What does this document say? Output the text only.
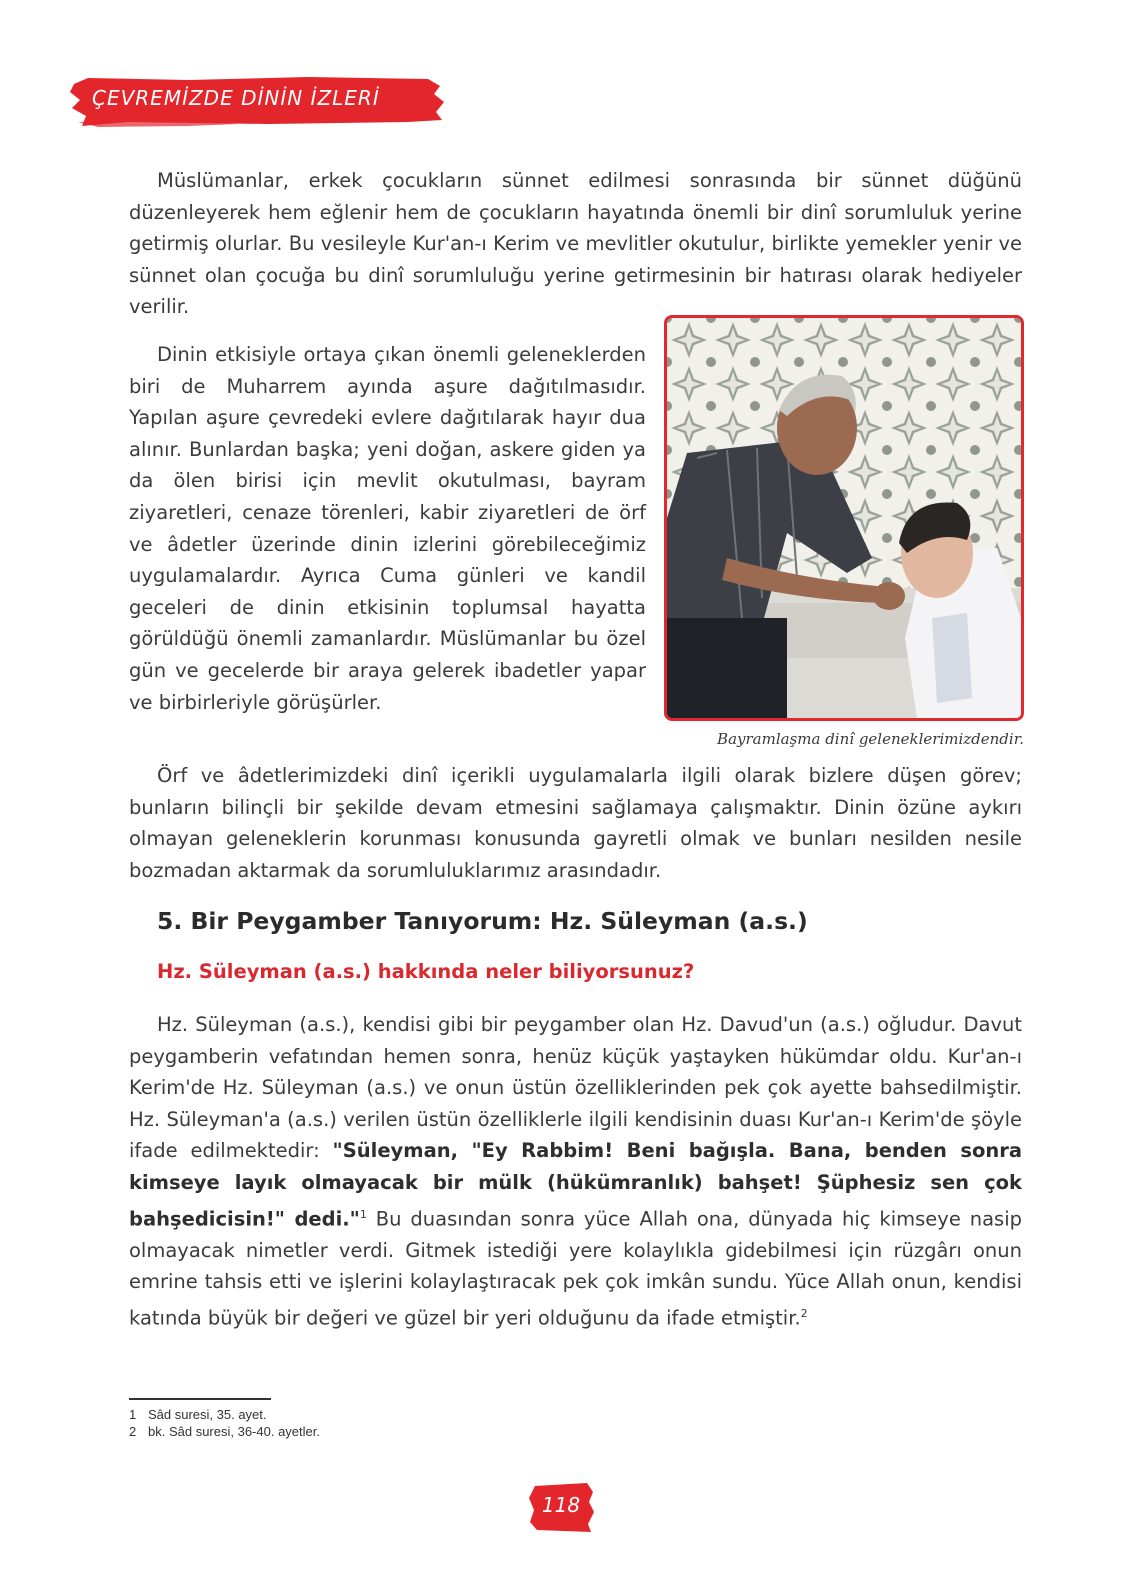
ÇEVREMİZDE DİNİN İZLERİ

Müslümanlar, erkek çocukların sünnet edilmesi sonrasında bir sünnet düğünü düzenleyerek hem eğlenir hem de çocukların hayatında önemli bir dinî sorumluluk yerine getirmiş olurlar. Bu vesileyle Kur'an-ı Kerim ve mevlitler okutulur, birlikte yemekler yenir ve sünnet olan çocuğa bu dinî sorumluluğu yerine getirmesinin bir hatırası olarak hediyeler verilir.

Dinin etkisiyle ortaya çıkan önemli geleneklerden biri de Muharrem ayında aşure dağıtılmasıdır. Yapılan aşure çevredeki evlere dağıtılarak hayır dua alınır. Bunlardan başka; yeni doğan, askere giden ya da ölen birisi için mevlit okutulması, bayram ziyaretleri, cenaze törenleri, kabir ziyaretleri de örf ve âdetler üzerinde dinin izlerini görebileceğimiz uygulamalardır. Ayrıca Cuma günleri ve kandil geceleri de dinin etkisinin toplumsal hayatta görüldüğü önemli zamanlardır. Müslümanlar bu özel gün ve gecelerde bir araya gelerek ibadetler yapar ve birbirleriyle görüşürler.

Bayramlaşma dinî geleneklerimizdendir.

Örf ve âdetlerimizdeki dinî içerikli uygulamalarla ilgili olarak bizlere düşen görev; bunların bilinçli bir şekilde devam etmesini sağlamaya çalışmaktır. Dinin özüne aykırı olmayan geleneklerin korunması konusunda gayretli olmak ve bunları nesilden nesile bozmadan aktarmak da sorumluluklarımız arasındadır.

5. Bir Peygamber Tanıyorum: Hz. Süleyman (a.s.)
Hz. Süleyman (a.s.) hakkında neler biliyorsunuz?

Hz. Süleyman (a.s.), kendisi gibi bir peygamber olan Hz. Davud'un (a.s.) oğludur. Davut peygamberin vefatından hemen sonra, henüz küçük yaştayken hükümdar oldu. Kur'an-ı Kerim'de Hz. Süleyman (a.s.) ve onun üstün özelliklerinden pek çok ayette bahsedilmiştir. Hz. Süleyman'a (a.s.) verilen üstün özelliklerle ilgili kendisinin duası Kur'an-ı Kerim'de şöyle ifade edilmektedir: "Süleyman, "Ey Rabbim! Beni bağışla. Bana, benden sonra kimseye layık olmayacak bir mülk (hükümranlık) bahşet! Şüphesiz sen çok bahşedicisin!" dedi."$^1$ Bu duasından sonra yüce Allah ona, dünyada hiç kimseye nasip olmayacak nimetler verdi. Gitmek istediği yere kolaylıkla gidebilmesi için rüzgârı onun emrine tahsis etti ve işlerini kolaylaştıracak pek çok imkân sundu. Yüce Allah onun, kendisi katında büyük bir değeri ve güzel bir yeri olduğunu da ifade etmiştir.$^2$

1 Sâd suresi, 35. ayet.

2 bk. Sâd suresi, 36-40. ayetler.

118
